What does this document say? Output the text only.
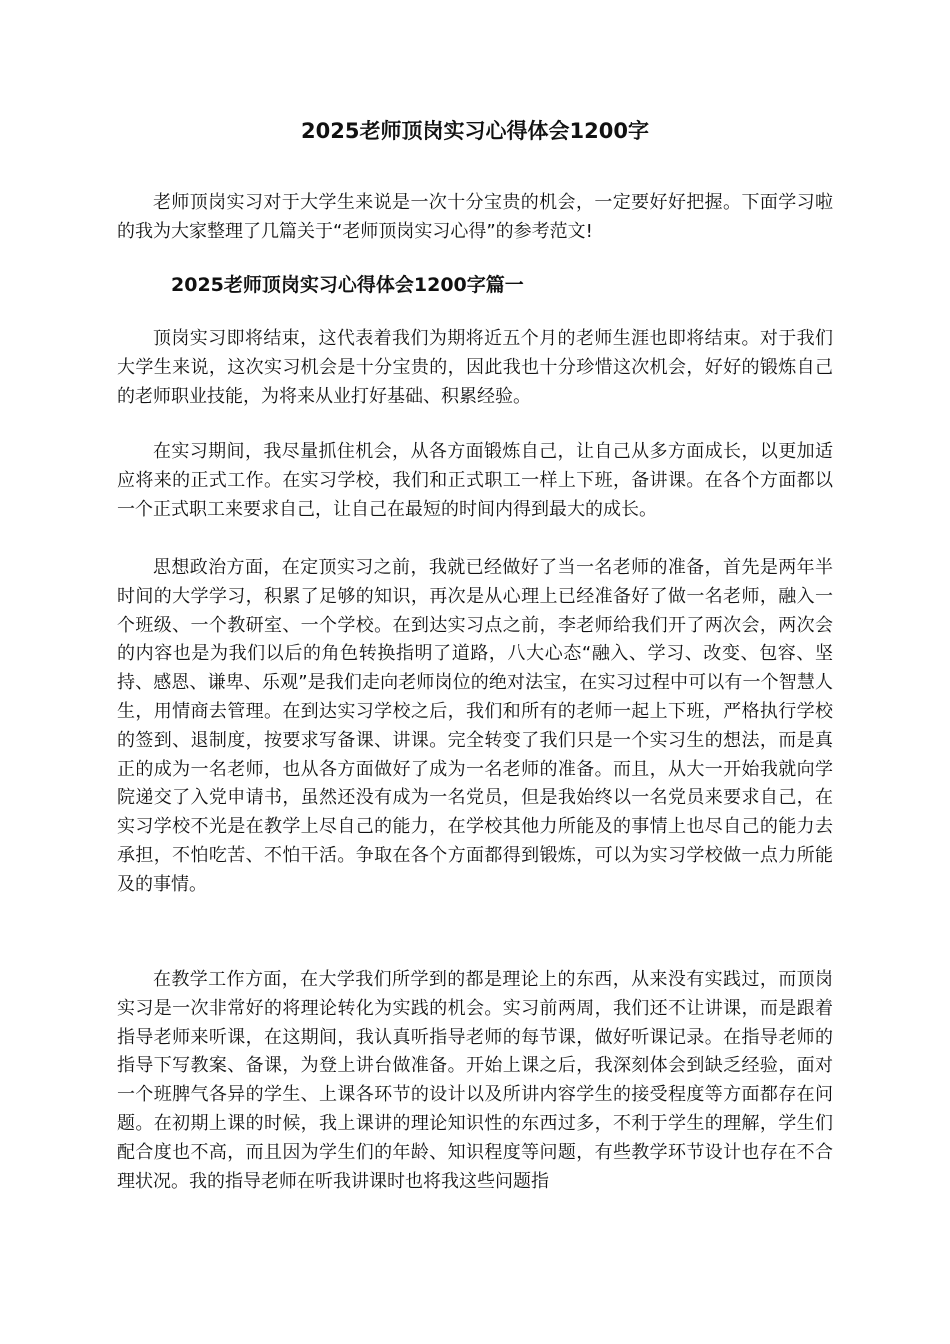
2025老师顶岗实习心得体会1200字

老师顶岗实习对于大学生来说是一次十分宝贵的机会，一定要好好把握。下面学习啦的我为大家整理了几篇关于“老师顶岗实习心得”的参考范文!

2025老师顶岗实习心得体会1200字篇一

顶岗实习即将结束，这代表着我们为期将近五个月的老师生涯也即将结束。对于我们大学生来说，这次实习机会是十分宝贵的，因此我也十分珍惜这次机会，好好的锻炼自己的老师职业技能，为将来从业打好基础、积累经验。

在实习期间，我尽量抓住机会，从各方面锻炼自己，让自己从多方面成长，以更加适应将来的正式工作。在实习学校，我们和正式职工一样上下班，备讲课。在各个方面都以一个正式职工来要求自己，让自己在最短的时间内得到最大的成长。

思想政治方面，在定顶实习之前，我就已经做好了当一名老师的准备，首先是两年半时间的大学学习，积累了足够的知识，再次是从心理上已经准备好了做一名老师，融入一个班级、一个教研室、一个学校。在到达实习点之前，李老师给我们开了两次会，两次会的内容也是为我们以后的角色转换指明了道路，八大心态“融入、学习、改变、包容、坚持、感恩、谦卑、乐观”是我们走向老师岗位的绝对法宝，在实习过程中可以有一个智慧人生，用情商去管理。在到达实习学校之后，我们和所有的老师一起上下班，严格执行学校的签到、退制度，按要求写备课、讲课。完全转变了我们只是一个实习生的想法，而是真正的成为一名老师，也从各方面做好了成为一名老师的准备。而且，从大一开始我就向学院递交了入党申请书，虽然还没有成为一名党员，但是我始终以一名党员来要求自己，在实习学校不光是在教学上尽自己的能力，在学校其他力所能及的事情上也尽自己的能力去承担，不怕吃苦、不怕干活。争取在各个方面都得到锻炼，可以为实习学校做一点力所能及的事情。

在教学工作方面，在大学我们所学到的都是理论上的东西，从来没有实践过，而顶岗实习是一次非常好的将理论转化为实践的机会。实习前两周，我们还不让讲课，而是跟着指导老师来听课，在这期间，我认真听指导老师的每节课，做好听课记录。在指导老师的指导下写教案、备课，为登上讲台做准备。开始上课之后，我深刻体会到缺乏经验，面对一个班脾气各异的学生、上课各环节的设计以及所讲内容学生的接受程度等方面都存在问题。在初期上课的时候，我上课讲的理论知识性的东西过多，不利于学生的理解，学生们配合度也不高，而且因为学生们的年龄、知识程度等问题，有些教学环节设计也存在不合理状况。我的指导老师在听我讲课时也将我这些问题指
